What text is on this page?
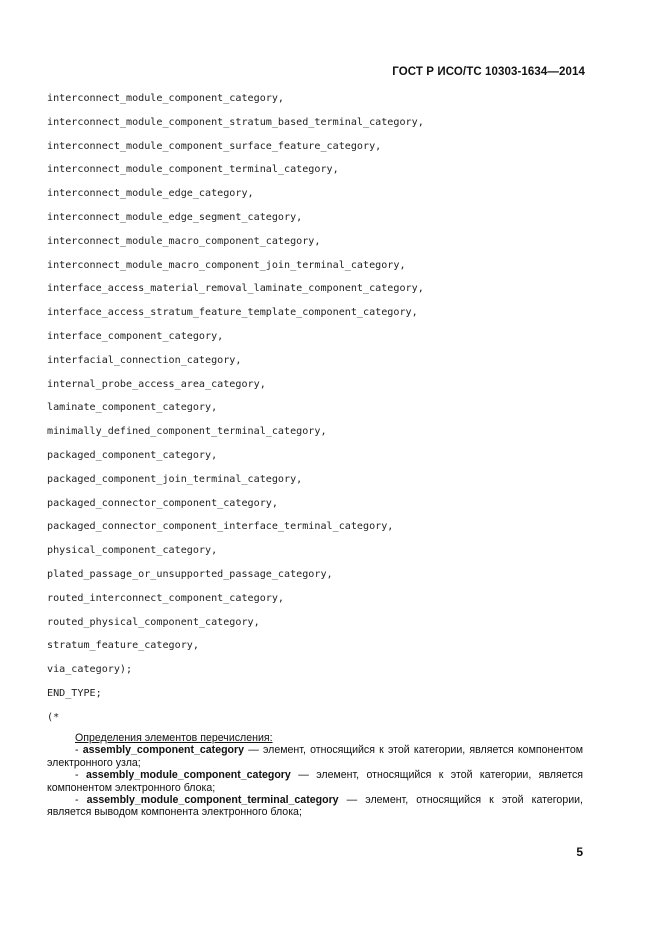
ГОСТ Р ИСО/ТС 10303-1634—2014
interconnect_module_component_category,
interconnect_module_component_stratum_based_terminal_category,
interconnect_module_component_surface_feature_category,
interconnect_module_component_terminal_category,
interconnect_module_edge_category,
interconnect_module_edge_segment_category,
interconnect_module_macro_component_category,
interconnect_module_macro_component_join_terminal_category,
interface_access_material_removal_laminate_component_category,
interface_access_stratum_feature_template_component_category,
interface_component_category,
interfacial_connection_category,
internal_probe_access_area_category,
laminate_component_category,
minimally_defined_component_terminal_category,
packaged_component_category,
packaged_component_join_terminal_category,
packaged_connector_component_category,
packaged_connector_component_interface_terminal_category,
physical_component_category,
plated_passage_or_unsupported_passage_category,
routed_interconnect_component_category,
routed_physical_component_category,
stratum_feature_category,
via_category);
END_TYPE;
(*
Определения элементов перечисления:
- assembly_component_category — элемент, относящийся к этой категории, является компонентом электронного узла;
- assembly_module_component_category — элемент, относящийся к этой категории, является компонентом электронного блока;
- assembly_module_component_terminal_category — элемент, относящийся к этой категории, является выводом компонента электронного блока;
5
